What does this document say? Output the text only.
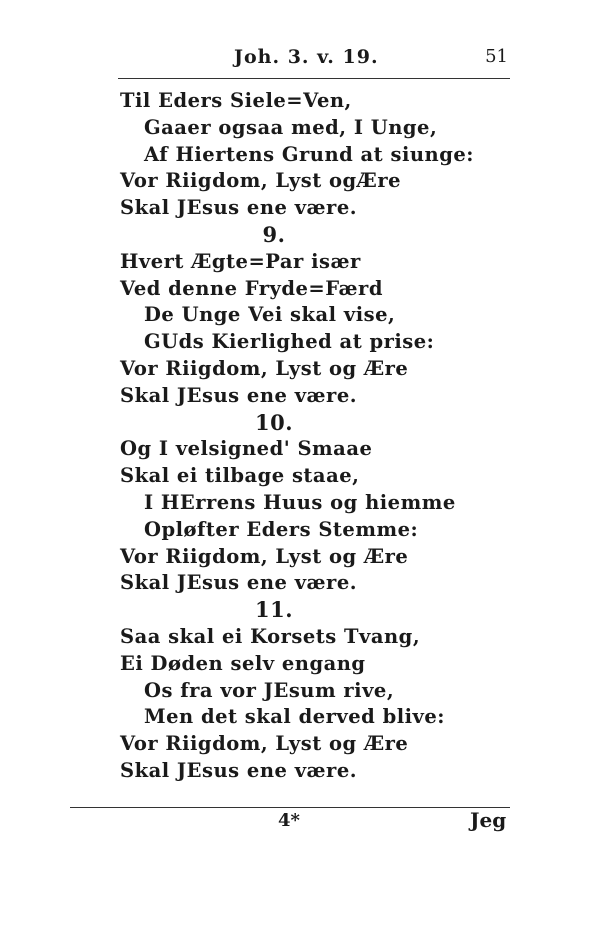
Joh. 3. v. 19.	51
Til Eders Siele=Ven,
Gaaer ogsaa med, I Unge,
Af Hiertens Grund at siunge:
Vor Riigdom, Lyst ogÆre
Skal JEsus ene være.
9.
Hvert Ægte=Par især
Ved denne Fryde=Færd
De Unge Vei skal vise,
GUds Kierlighed at prise:
Vor Riigdom, Lyst og Ære
Skal JEsus ene være.
10.
Og I velsigned' Smaae
Skal ei tilbage staae,
I HErrens Huus og hiemme
Opløfter Eders Stemme:
Vor Riigdom, Lyst og Ære
Skal JEsus ene være.
11.
Saa skal ei Korsets Tvang,
Ei Døden selv engang
Os fra vor JEsum rive,
Men det skal derved blive:
Vor Riigdom, Lyst og Ære
Skal JEsus ene være.
4*	Jeg
